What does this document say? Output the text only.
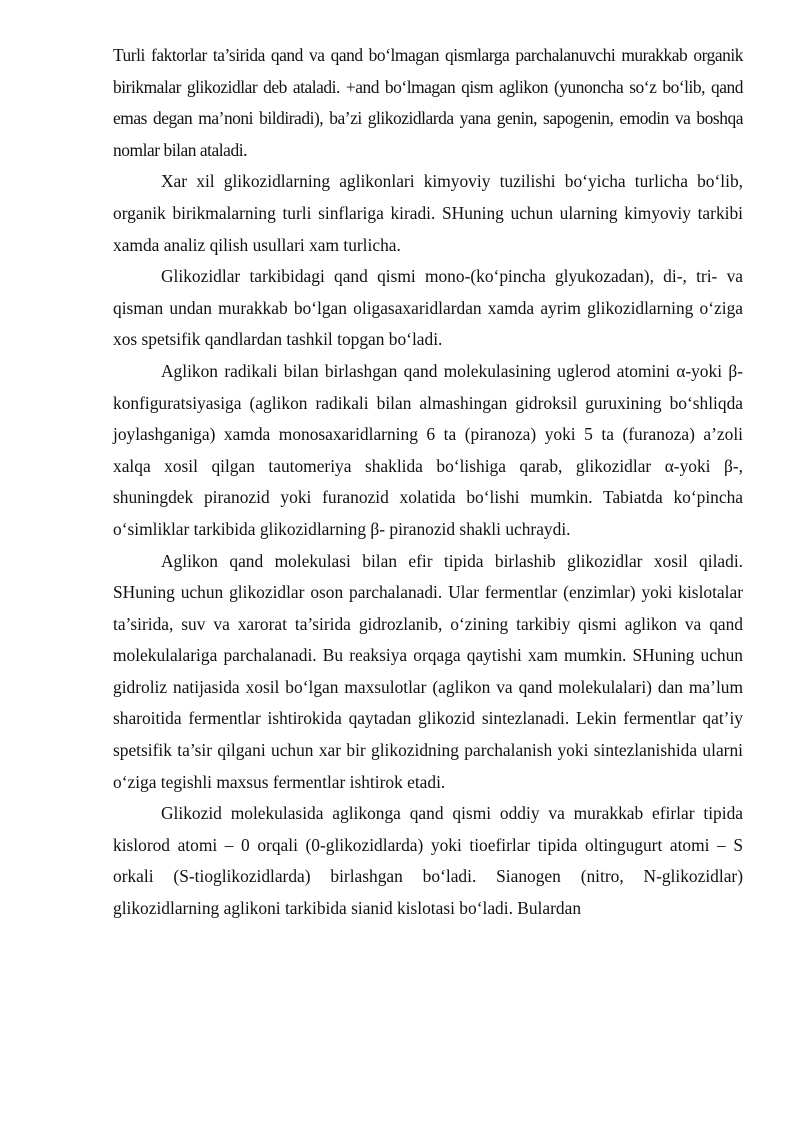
Turli faktorlar ta’sirida qand va qand bo‘lmagan qismlarga parchalanuvchi murakkab organik birikmalar glikozidlar deb ataladi. +and bo‘lmagan qism aglikon (yunoncha so‘z bo‘lib, qand emas degan ma’noni bildiradi), ba’zi glikozidlarda yana genin, sapogenin, emodin va boshqa nomlar bilan ataladi.

Xar xil glikozidlarning aglikonlari kimyoviy tuzilishi bo‘yicha turlicha bo‘lib, organik birikmalarning turli sinflariga kiradi. SHuning uchun ularning kimyoviy tarkibi xamda analiz qilish usullari xam turlicha.

Glikozidlar tarkibidagi qand qismi mono-(ko‘pincha glyukozadan), di-, tri- va qisman undan murakkab bo‘lgan oligasaxaridlardan xamda ayrim glikozidlarning o‘ziga xos spetsifik qandlardan tashkil topgan bo‘ladi.

Aglikon radikali bilan birlashgan qand molekulasining uglerod atomini α-yoki β-konfiguratsiyasiga (aglikon radikali bilan almashingan gidroksil guruxining bo‘shliqda joylashganiga) xamda monosaxaridlarning 6 ta (piranoza) yoki 5 ta (furanoza) a’zoli xalqa xosil qilgan tautomeriya shaklida bo‘lishiga qarab, glikozidlar α-yoki β-, shuningdek piranozid yoki furanozid xolatida bo‘lishi mumkin. Tabiatda ko‘pincha o‘simliklar tarkibida glikozidlarning β- piranozid shakli uchraydi.

Aglikon qand molekulasi bilan efir tipida birlashib glikozidlar xosil qiladi. SHuning uchun glikozidlar oson parchalanadi. Ular fermentlar (enzimlar) yoki kislotalar ta’sirida, suv va xarorat ta’sirida gidrozlanib, o‘zining tarkibiy qismi aglikon va qand molekulalariga parchalanadi. Bu reaksiya orqaga qaytishi xam mumkin. SHuning uchun gidroliz natijasida xosil bo‘lgan maxsulotlar (aglikon va qand molekulalari) dan ma’lum sharoitida fermentlar ishtirokida qaytadan glikozid sintezlanadi. Lekin fermentlar qat’iy spetsifik ta’sir qilgani uchun xar bir glikozidning parchalanish yoki sintezlanishida ularni o‘ziga tegishli maxsus fermentlar ishtirok etadi.

Glikozid molekulasida aglikonga qand qismi oddiy va murakkab efirlar tipida kislorod atomi – 0 orqali (0-glikozidlarda) yoki tioefirlar tipida oltingugurt atomi – S orkali (S-tioglikozidlarda) birlashgan bo‘ladi. Sianogen (nitro, N-glikozidlar) glikozidlarning aglikoni tarkibida sianid kislotasi bo‘ladi. Bulardan
